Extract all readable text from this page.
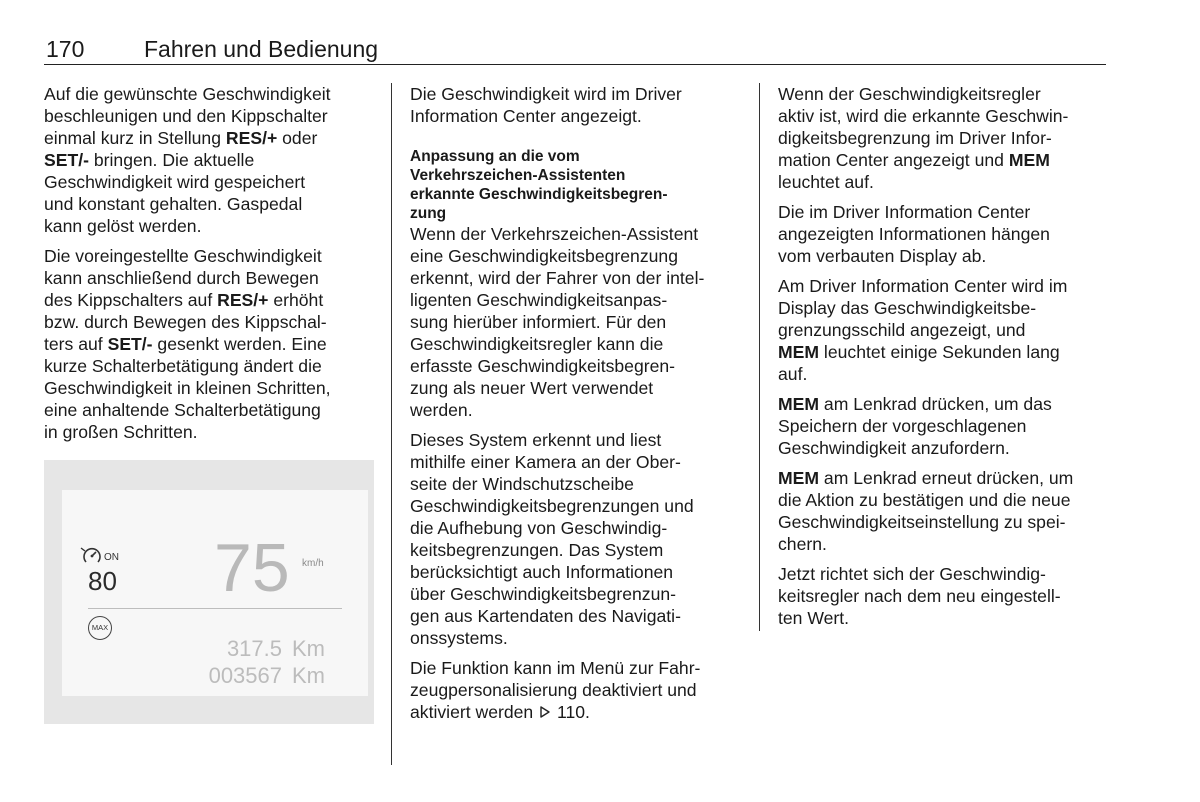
170	Fahren und Bedienung

Auf die gewünschte Geschwindigkeit
beschleunigen und den Kippschalter
einmal kurz in Stellung RES/+ oder
SET/- bringen. Die aktuelle
Geschwindigkeit wird gespeichert
und konstant gehalten. Gaspedal
kann gelöst werden.

Die voreingestellte Geschwindigkeit
kann anschließend durch Bewegen
des Kippschalters auf RES/+ erhöht
bzw. durch Bewegen des Kippschal-
ters auf SET/- gesenkt werden. Eine
kurze Schalterbetätigung ändert die
Geschwindigkeit in kleinen Schritten,
eine anhaltende Schalterbetätigung
in großen Schritten.

ON
80 75 km/h
MAX
317.5 Km
003567 Km

Die Geschwindigkeit wird im Driver
Information Center angezeigt.

Anpassung an die vom
Verkehrszeichen-Assistenten
erkannte Geschwindigkeitsbegren-
zung

Wenn der Verkehrszeichen-Assistent
eine Geschwindigkeitsbegrenzung
erkennt, wird der Fahrer von der intel-
ligenten Geschwindigkeitsanpas-
sung hierüber informiert. Für den
Geschwindigkeitsregler kann die
erfasste Geschwindigkeitsbegren-
zung als neuer Wert verwendet
werden.

Dieses System erkennt und liest
mithilfe einer Kamera an der Ober-
seite der Windschutzscheibe
Geschwindigkeitsbegrenzungen und
die Aufhebung von Geschwindig-
keitsbegrenzungen. Das System
berücksichtigt auch Informationen
über Geschwindigkeitsbegrenzun-
gen aus Kartendaten des Navigati-
onssystems.

Die Funktion kann im Menü zur Fahr-
zeugpersonalisierung deaktiviert und
aktiviert werden 110.

Wenn der Geschwindigkeitsregler
aktiv ist, wird die erkannte Geschwin-
digkeitsbegrenzung im Driver Infor-
mation Center angezeigt und MEM
leuchtet auf.

Die im Driver Information Center
angezeigten Informationen hängen
vom verbauten Display ab.

Am Driver Information Center wird im
Display das Geschwindigkeitsbe-
grenzungsschild angezeigt, und
MEM leuchtet einige Sekunden lang
auf.

MEM am Lenkrad drücken, um das
Speichern der vorgeschlagenen
Geschwindigkeit anzufordern.

MEM am Lenkrad erneut drücken, um
die Aktion zu bestätigen und die neue
Geschwindigkeitseinstellung zu spei-
chern.

Jetzt richtet sich der Geschwindig-
keitsregler nach dem neu eingestell-
ten Wert.
